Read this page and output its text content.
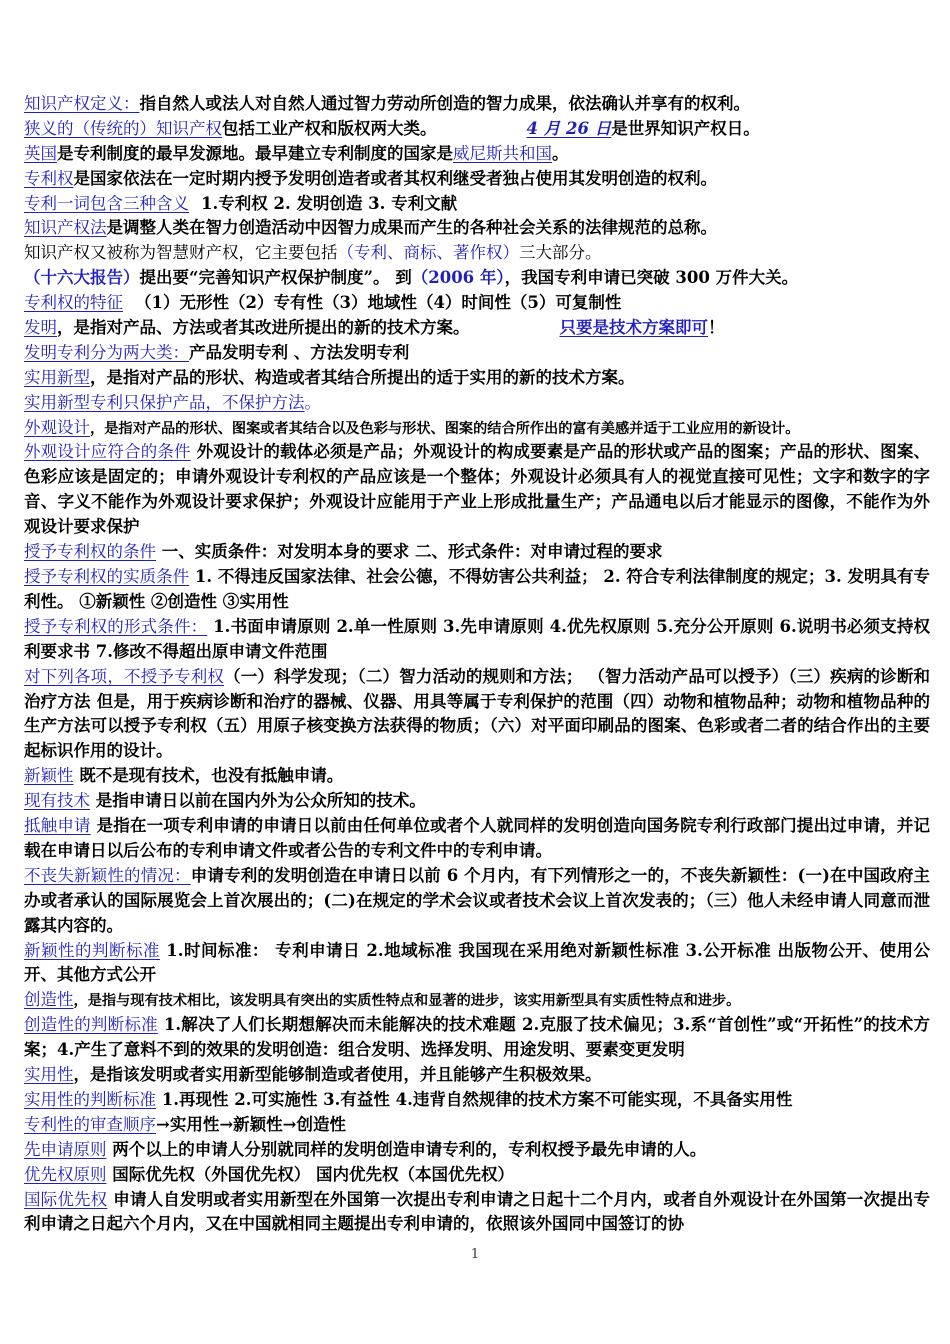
知识产权定义：指自然人或法人对自然人通过智力劳动所创造的智力成果，依法确认并享有的权利。
狭义的（传统的）知识产权包括工业产权和版权两大类。	4 月 26 日是世界知识产权日。
英国是专利制度的最早发源地。最早建立专利制度的国家是威尼斯共和国。
专利权是国家依法在一定时期内授予发明创造者或者其权利继受者独占使用其发明创造的权利。
专利一词包含三种含义 1.专利权 2. 发明创造 3. 专利文献
知识产权法是调整人类在智力创造活动中因智力成果而产生的各种社会关系的法律规范的总称。
知识产权又被称为智慧财产权，它主要包括（专利、商标、著作权）三大部分。
（十六大报告）提出要“完善知识产权保护制度”。 到（2006 年），我国专利申请已突破 300 万件大关。
专利权的特征 （1）无形性（2）专有性（3）地域性（4）时间性（5）可复制性
发明，是指对产品、方法或者其改进所提出的新的技术方案。	只要是技术方案即可！
发明专利分为两大类：产品发明专利 、方法发明专利
实用新型，是指对产品的形状、构造或者其结合所提出的适于实用的新的技术方案。
实用新型专利只保护产品，不保护方法。
外观设计，是指对产品的形状、图案或者其结合以及色彩与形状、图案的结合所作出的富有美感并适于工业应用的新设计。
外观设计应符合的条件 外观设计的载体必须是产品；外观设计的构成要素是产品的形状或产品的图案；产品的形状、图案、色彩应该是固定的；申请外观设计专利权的产品应该是一个整体；外观设计必须具有人的视觉直接可见性；文字和数字的字音、字义不能作为外观设计要求保护；外观设计应能用于产业上形成批量生产；产品通电以后才能显示的图像，不能作为外观设计要求保护
授予专利权的条件 一、实质条件：对发明本身的要求 二、形式条件：对申请过程的要求
授予专利权的实质条件 1. 不得违反国家法律、社会公德，不得妨害公共利益； 2. 符合专利法律制度的规定；3. 发明具有专利性。 ①新颖性 ②创造性 ③实用性
授予专利权的形式条件： 1.书面申请原则 2.单一性原则 3.先申请原则 4.优先权原则 5.充分公开原则 6.说明书必须支持权利要求书 7.修改不得超出原申请文件范围
对下列各项，不授予专利权（一）科学发现；（二）智力活动的规则和方法； （智力活动产品可以授予）（三）疾病的诊断和治疗方法 但是，用于疾病诊断和治疗的器械、仪器、用具等属于专利保护的范围（四）动物和植物品种；动物和植物品种的生产方法可以授予专利权（五）用原子核变换方法获得的物质；（六）对平面印刷品的图案、色彩或者二者的结合作出的主要起标识作用的设计。
新颖性 既不是现有技术，也没有抵触申请。
现有技术 是指申请日以前在国内外为公众所知的技术。
抵触申请 是指在一项专利申请的申请日以前由任何单位或者个人就同样的发明创造向国务院专利行政部门提出过申请，并记载在申请日以后公布的专利申请文件或者公告的专利文件中的专利申请。
不丧失新颖性的情况：申请专利的发明创造在申请日以前 6 个月内，有下列情形之一的，不丧失新颖性：(一)在中国政府主办或者承认的国际展览会上首次展出的；(二)在规定的学术会议或者技术会议上首次发表的；（三）他人未经申请人同意而泄露其内容的。
新颖性的判断标准 1.时间标准： 专利申请日 2.地域标准 我国现在采用绝对新颖性标准 3.公开标准 出版物公开、使用公开、其他方式公开
创造性，是指与现有技术相比，该发明具有突出的实质性特点和显著的进步，该实用新型具有实质性特点和进步。
创造性的判断标准 1.解决了人们长期想解决而未能解决的技术难题 2.克服了技术偏见；3.系“首创性”或“开拓性”的技术方案；4.产生了意料不到的效果的发明创造：组合发明、选择发明、用途发明、要素变更发明
实用性，是指该发明或者实用新型能够制造或者使用，并且能够产生积极效果。
实用性的判断标准 1.再现性 2.可实施性 3.有益性 4.违背自然规律的技术方案不可能实现，不具备实用性
专利性的审查顺序→实用性→新颖性→创造性
先申请原则 两个以上的申请人分别就同样的发明创造申请专利的，专利权授予最先申请的人。
优先权原则 国际优先权（外国优先权） 国内优先权（本国优先权）
国际优先权 申请人自发明或者实用新型在外国第一次提出专利申请之日起十二个月内，或者自外观设计在外国第一次提出专利申请之日起六个月内，又在中国就相同主题提出专利申请的，依照该外国同中国签订的协
1
